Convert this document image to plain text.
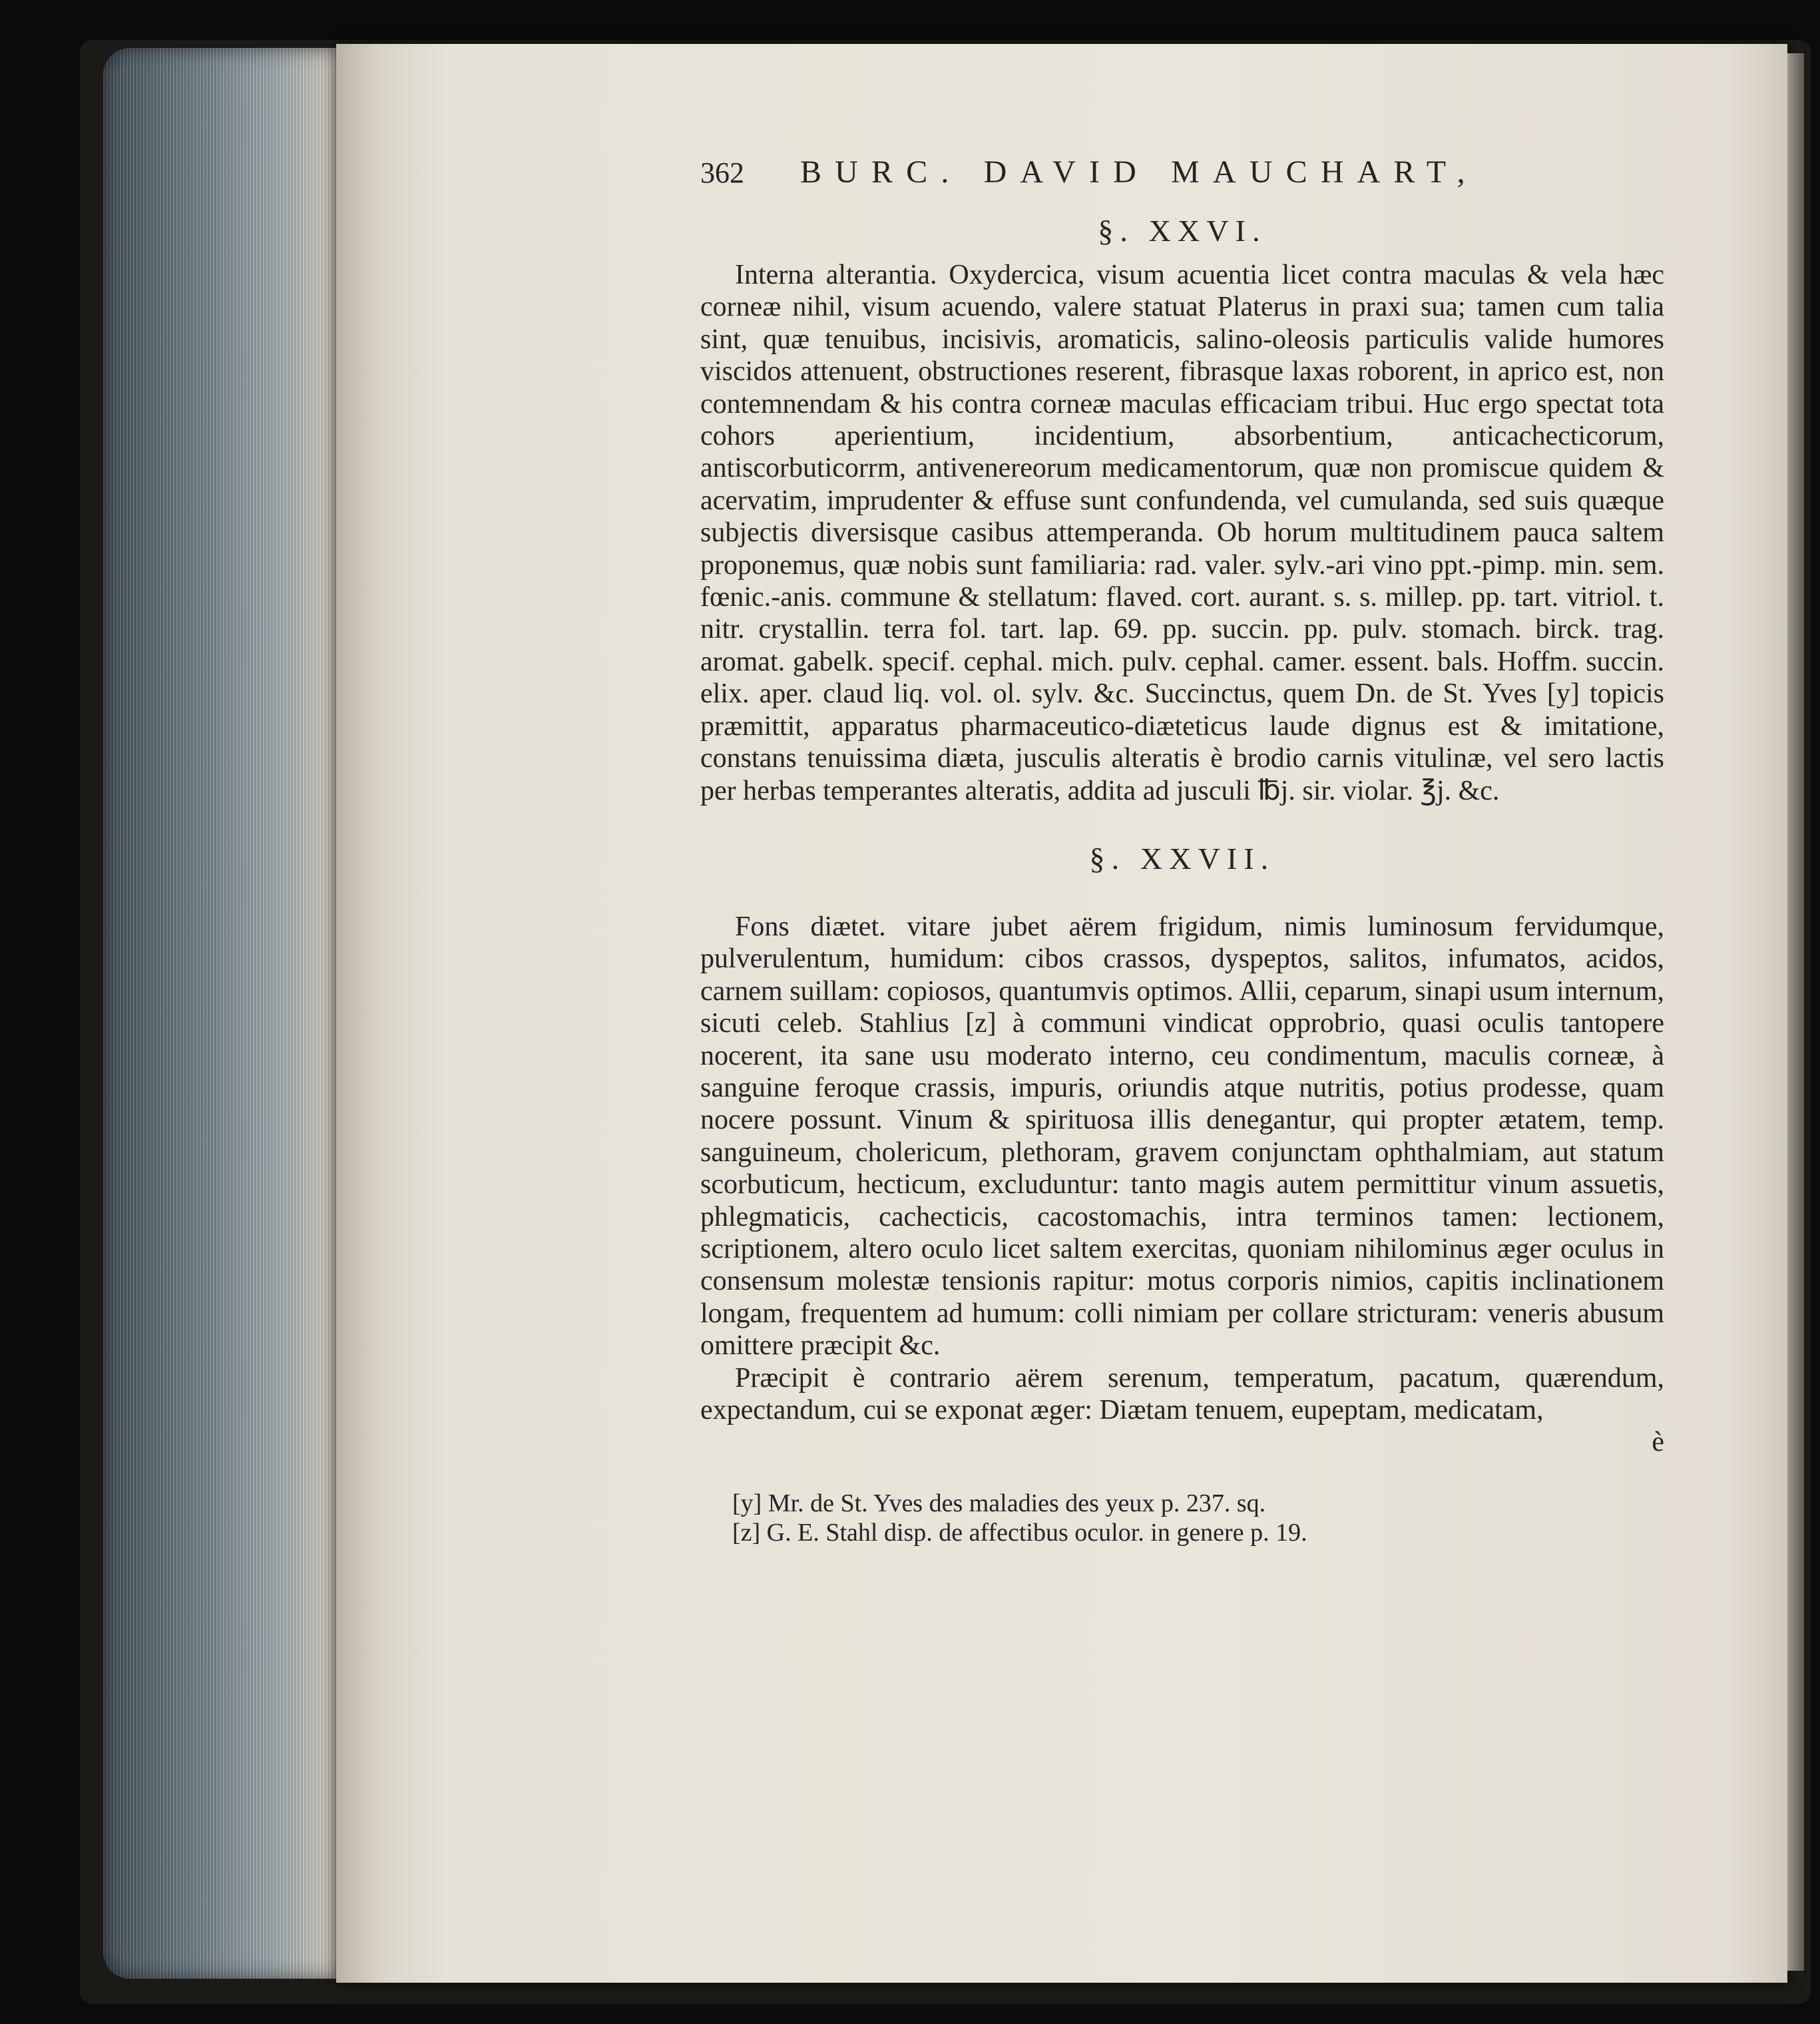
362	BURC. DAVID MAUCHART,
§. XXVI.

Interna alterantia. Oxydercica, visum acuentia licet contra maculas & vela hæc corneæ nihil, visum acuendo, valere statuat Platerus in praxi sua; tamen cum talia sint, quæ tenuibus, incisivis, aromaticis, salino-oleosis particulis valide humores viscidos attenuent, obstructiones reserent, fibrasque laxas roborent, in aprico est, non contemnendam & his contra corneæ maculas efficaciam tribui. Huc ergo spectat tota cohors aperientium, incidentium, absorbentium, anticachecticorum, antiscorbuticorrm, antivenereorum medicamentorum, quæ non promiscue quidem & acervatim, imprudenter & effuse sunt confundenda, vel cumulanda, sed suis quæque subjectis diversisque casibus attemperanda. Ob horum multitudinem pauca saltem proponemus, quæ nobis sunt familiaria: rad. valer. sylv.-ari vino ppt.-pimp. min. sem. fœnic.-anis. commune & stellatum: flaved. cort. aurant. s. s. millep. pp. tart. vitriol. t. nitr. crystallin. terra fol. tart. lap. 69. pp. succin. pp. pulv. stomach. birck. trag. aromat. gabelk. specif. cephal. mich. pulv. cephal. camer. essent. bals. Hoffm. succin. elix. aper. claud liq. vol. ol. sylv. &c. Succinctus, quem Dn. de St. Yves [y] topicis præmittit, apparatus pharmaceutico-diæteticus laude dignus est & imitatione, constans tenuissima diæta, jusculis alteratis è brodio carnis vitulinæ, vel sero lactis per herbas temperantes alteratis, addita ad jusculi ℔j. sir. violar. ℥j. &c.

§. XXVII.

Fons diætet. vitare jubet aërem frigidum, nimis luminosum fervidumque, pulverulentum, humidum: cibos crassos, dyspeptos, salitos, infumatos, acidos, carnem suillam: copiosos, quantumvis optimos. Allii, ceparum, sinapi usum internum, sicuti celeb. Stahlius [z] à communi vindicat opprobrio, quasi oculis tantopere nocerent, ita sane usu moderato interno, ceu condimentum, maculis corneæ, à sanguine feroque crassis, impuris, oriundis atque nutritis, potius prodesse, quam nocere possunt. Vinum & spirituosa illis denegantur, qui propter ætatem, temp. sanguineum, cholericum, plethoram, gravem conjunctam ophthalmiam, aut statum scorbuticum, hecticum, excluduntur: tanto magis autem permittitur vinum assuetis, phlegmaticis, cachecticis, cacostomachis, intra terminos tamen: lectionem, scriptionem, altero oculo licet saltem exercitas, quoniam nihilominus æger oculus in consensum molestæ tensionis rapitur: motus corporis nimios, capitis inclinationem longam, frequentem ad humum: colli nimiam per collare stricturam: veneris abusum omittere præcipit &c.

Præcipit è contrario aërem serenum, temperatum, pacatum, quærendum, expectandum, cui se exponat æger: Diætam tenuem, eupeptam, medicatam,

è
[y] Mr. de St. Yves des maladies des yeux p. 237. sq.
[z] G. E. Stahl disp. de affectibus oculor. in genere p. 19.
